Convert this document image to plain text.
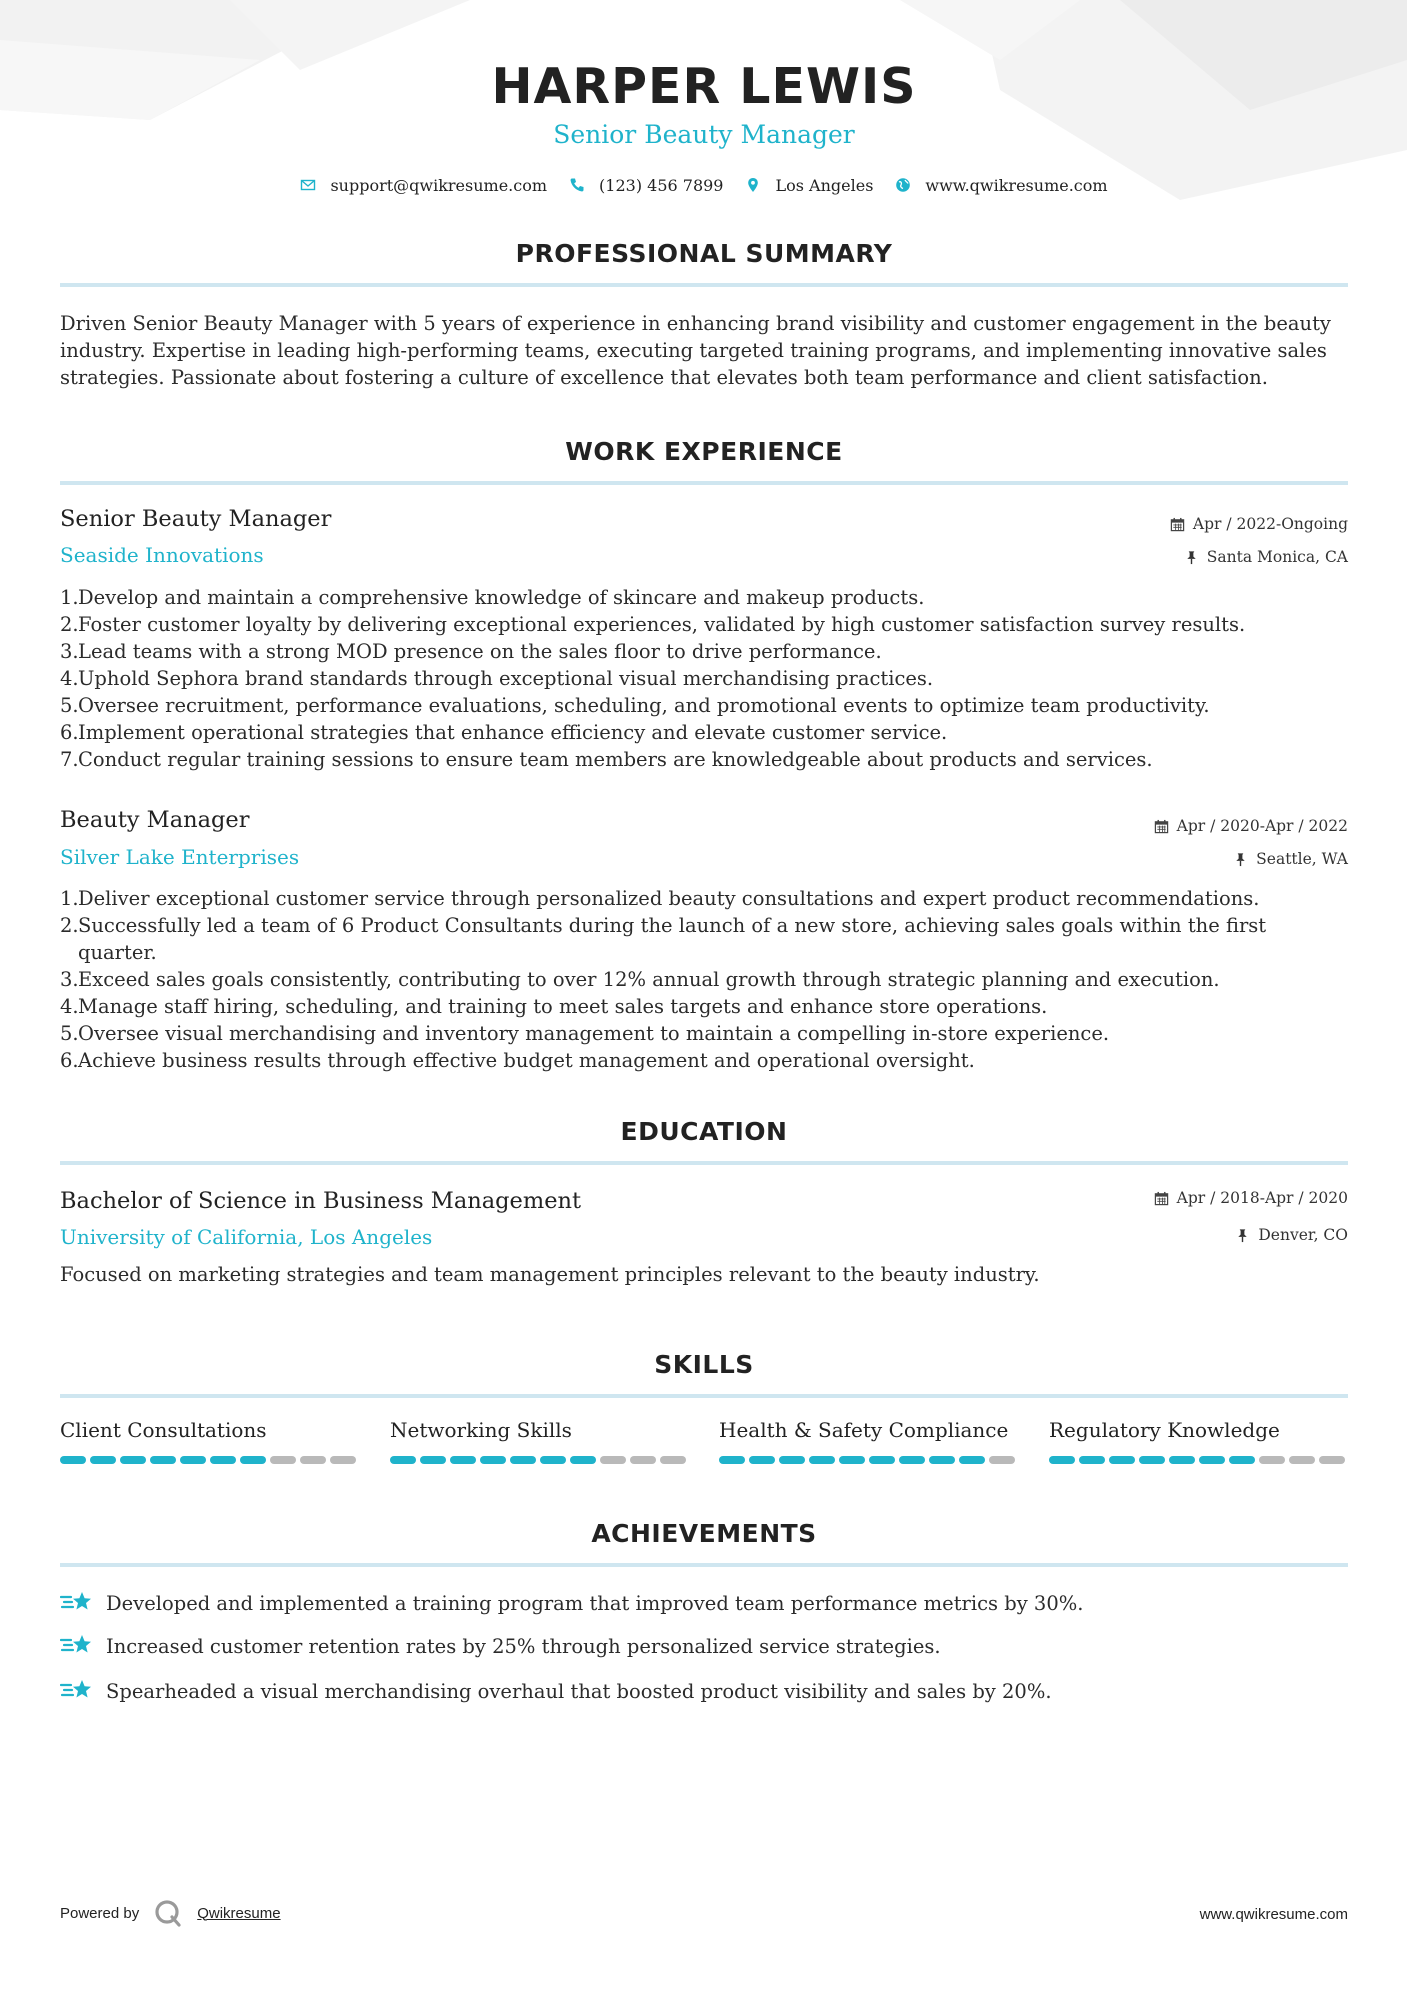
HARPER LEWIS
Senior Beauty Manager
support@qwikresume.com	(123) 456 7899	Los Angeles	www.qwikresume.com
PROFESSIONAL SUMMARY
Driven Senior Beauty Manager with 5 years of experience in enhancing brand visibility and customer engagement in the beauty industry. Expertise in leading high-performing teams, executing targeted training programs, and implementing innovative sales strategies. Passionate about fostering a culture of excellence that elevates both team performance and client satisfaction.
WORK EXPERIENCE
Senior Beauty Manager
Seaside Innovations
Apr / 2022-Ongoing
Santa Monica, CA
1. Develop and maintain a comprehensive knowledge of skincare and makeup products.
2. Foster customer loyalty by delivering exceptional experiences, validated by high customer satisfaction survey results.
3. Lead teams with a strong MOD presence on the sales floor to drive performance.
4. Uphold Sephora brand standards through exceptional visual merchandising practices.
5. Oversee recruitment, performance evaluations, scheduling, and promotional events to optimize team productivity.
6. Implement operational strategies that enhance efficiency and elevate customer service.
7. Conduct regular training sessions to ensure team members are knowledgeable about products and services.
Beauty Manager
Silver Lake Enterprises
Apr / 2020-Apr / 2022
Seattle, WA
1. Deliver exceptional customer service through personalized beauty consultations and expert product recommendations.
2. Successfully led a team of 6 Product Consultants during the launch of a new store, achieving sales goals within the first quarter.
3. Exceed sales goals consistently, contributing to over 12% annual growth through strategic planning and execution.
4. Manage staff hiring, scheduling, and training to meet sales targets and enhance store operations.
5. Oversee visual merchandising and inventory management to maintain a compelling in-store experience.
6. Achieve business results through effective budget management and operational oversight.
EDUCATION
Bachelor of Science in Business Management
University of California, Los Angeles
Apr / 2018-Apr / 2020
Denver, CO
Focused on marketing strategies and team management principles relevant to the beauty industry.
SKILLS
Client Consultations	Networking Skills	Health & Safety Compliance	Regulatory Knowledge
ACHIEVEMENTS
Developed and implemented a training program that improved team performance metrics by 30%.
Increased customer retention rates by 25% through personalized service strategies.
Spearheaded a visual merchandising overhaul that boosted product visibility and sales by 20%.
Powered by	Qwikresume	www.qwikresume.com
